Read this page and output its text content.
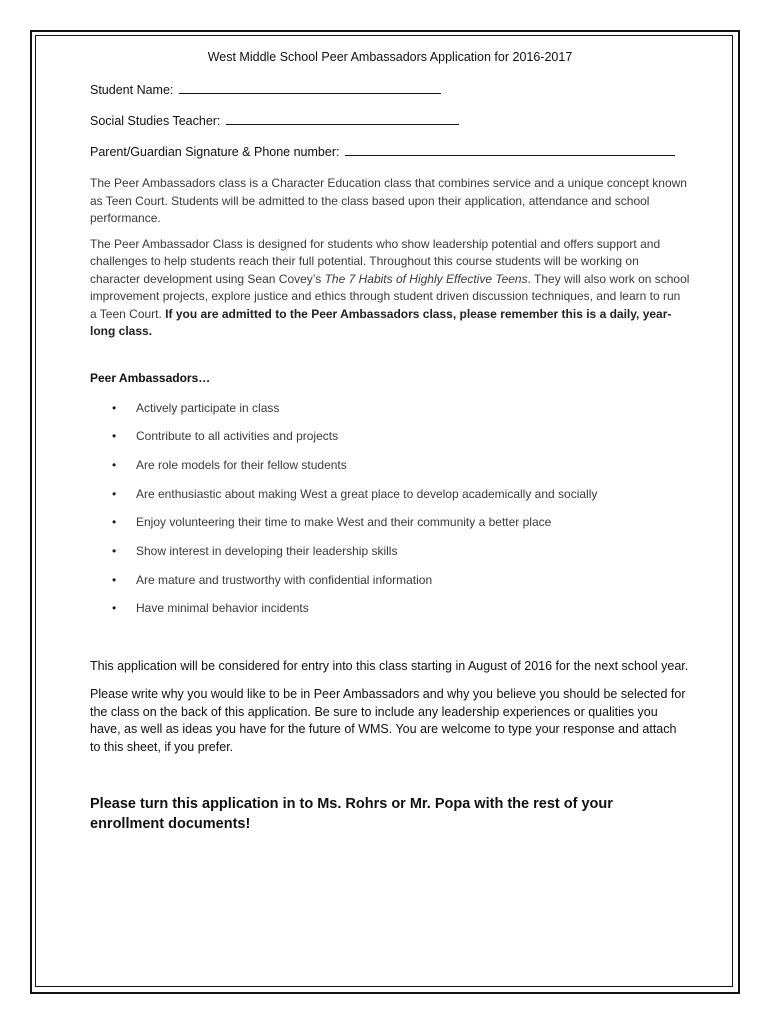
West Middle School Peer Ambassadors Application for 2016-2017
Student Name:
Social Studies Teacher:
Parent/Guardian Signature & Phone number:

The Peer Ambassadors class is a Character Education class that combines service and a unique concept known as Teen Court. Students will be admitted to the class based upon their application, attendance and school performance.

The Peer Ambassador Class is designed for students who show leadership potential and offers support and challenges to help students reach their full potential. Throughout this course students will be working on character development using Sean Covey’s The 7 Habits of Highly Effective Teens. They will also work on school improvement projects, explore justice and ethics through student driven discussion techniques, and learn to run a Teen Court. If you are admitted to the Peer Ambassadors class, please remember this is a daily, year-long class.

Peer Ambassadors…
• Actively participate in class
• Contribute to all activities and projects
• Are role models for their fellow students
• Are enthusiastic about making West a great place to develop academically and socially
• Enjoy volunteering their time to make West and their community a better place
• Show interest in developing their leadership skills
• Are mature and trustworthy with confidential information
• Have minimal behavior incidents

This application will be considered for entry into this class starting in August of 2016 for the next school year.

Please write why you would like to be in Peer Ambassadors and why you believe you should be selected for the class on the back of this application. Be sure to include any leadership experiences or qualities you have, as well as ideas you have for the future of WMS. You are welcome to type your response and attach to this sheet, if you prefer.

Please turn this application in to Ms. Rohrs or Mr. Popa with the rest of your enrollment documents!
